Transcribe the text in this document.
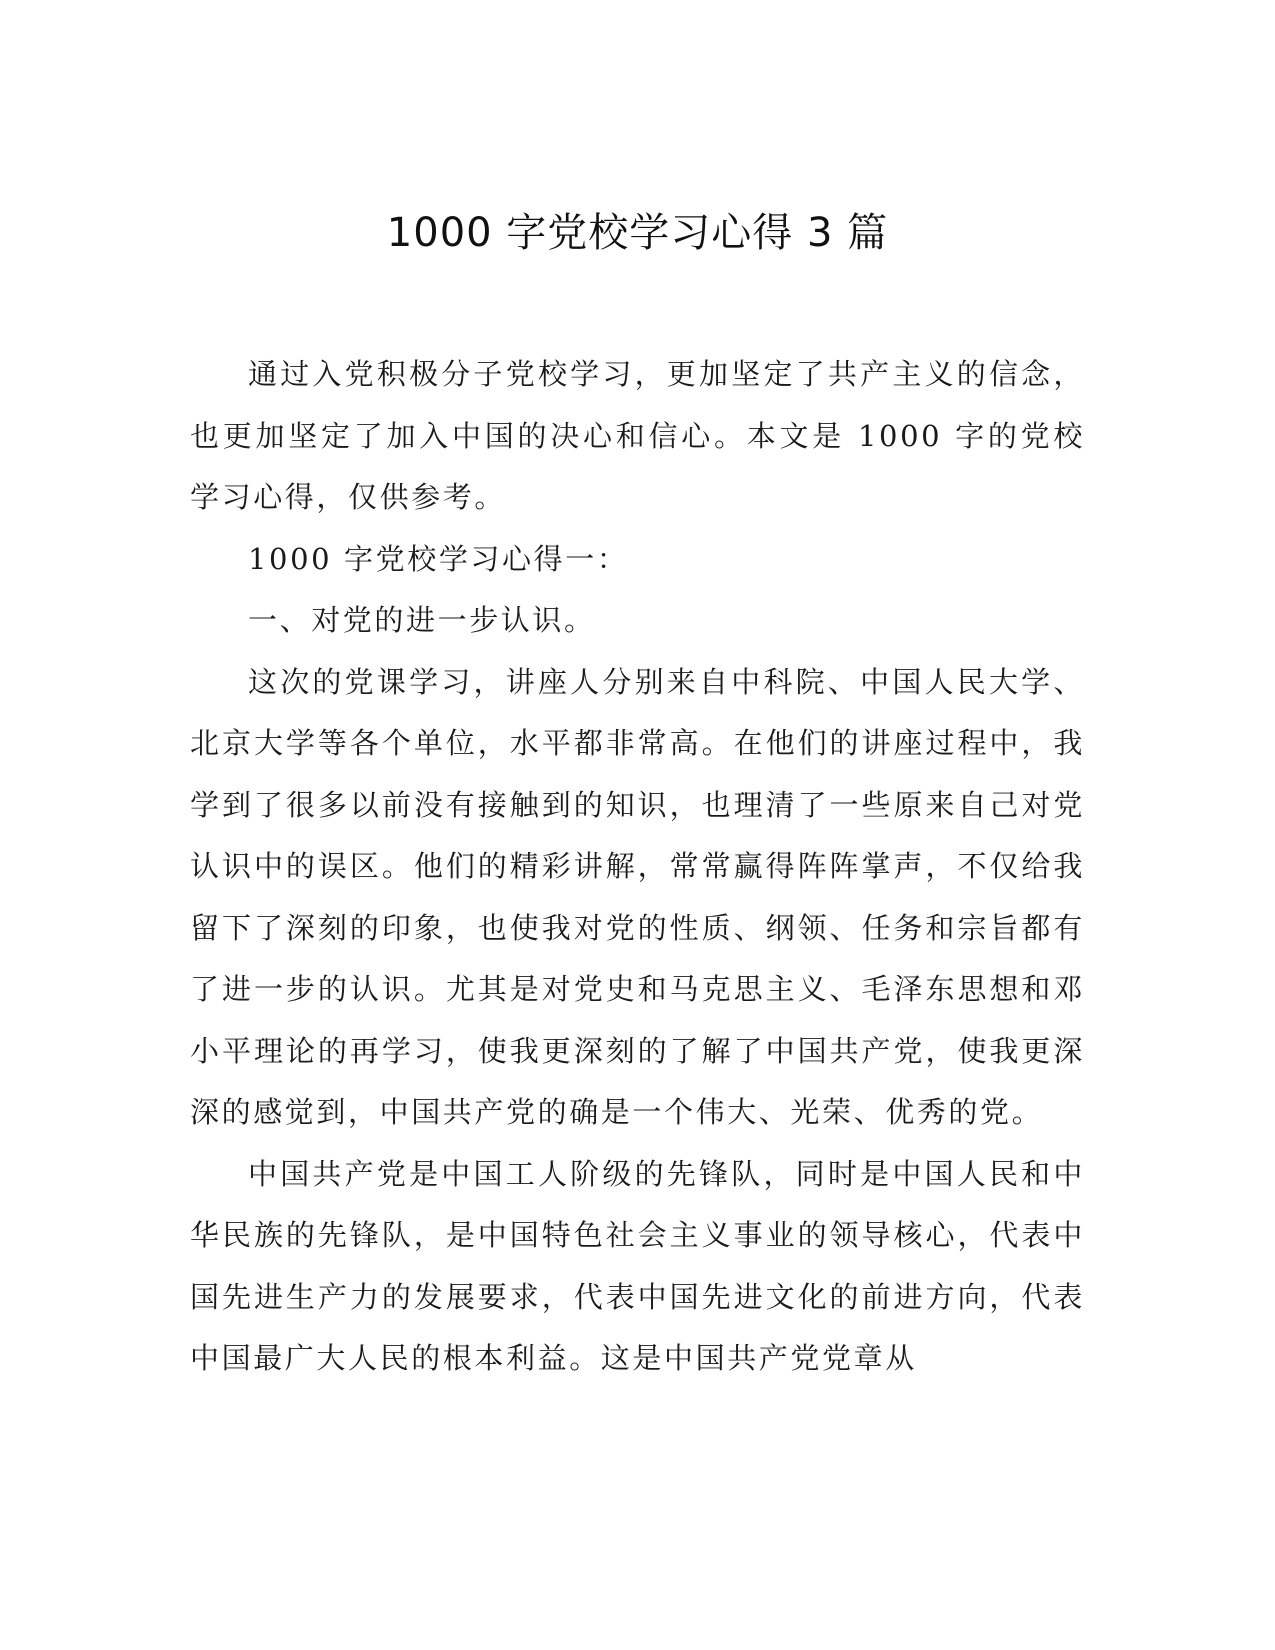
1000 字党校学习心得 3 篇

通过入党积极分子党校学习，更加坚定了共产主义的信念，也更加坚定了加入中国的决心和信心。本文是 1000 字的党校学习心得，仅供参考。

1000 字党校学习心得一：

一、对党的进一步认识。

这次的党课学习，讲座人分别来自中科院、中国人民大学、北京大学等各个单位，水平都非常高。在他们的讲座过程中，我学到了很多以前没有接触到的知识，也理清了一些原来自己对党认识中的误区。他们的精彩讲解，常常赢得阵阵掌声，不仅给我留下了深刻的印象，也使我对党的性质、纲领、任务和宗旨都有了进一步的认识。尤其是对党史和马克思主义、毛泽东思想和邓小平理论的再学习，使我更深刻的了解了中国共产党，使我更深深的感觉到，中国共产党的确是一个伟大、光荣、优秀的党。

中国共产党是中国工人阶级的先锋队，同时是中国人民和中华民族的先锋队，是中国特色社会主义事业的领导核心，代表中国先进生产力的发展要求，代表中国先进文化的前进方向，代表中国最广大人民的根本利益。这是中国共产党党章从
